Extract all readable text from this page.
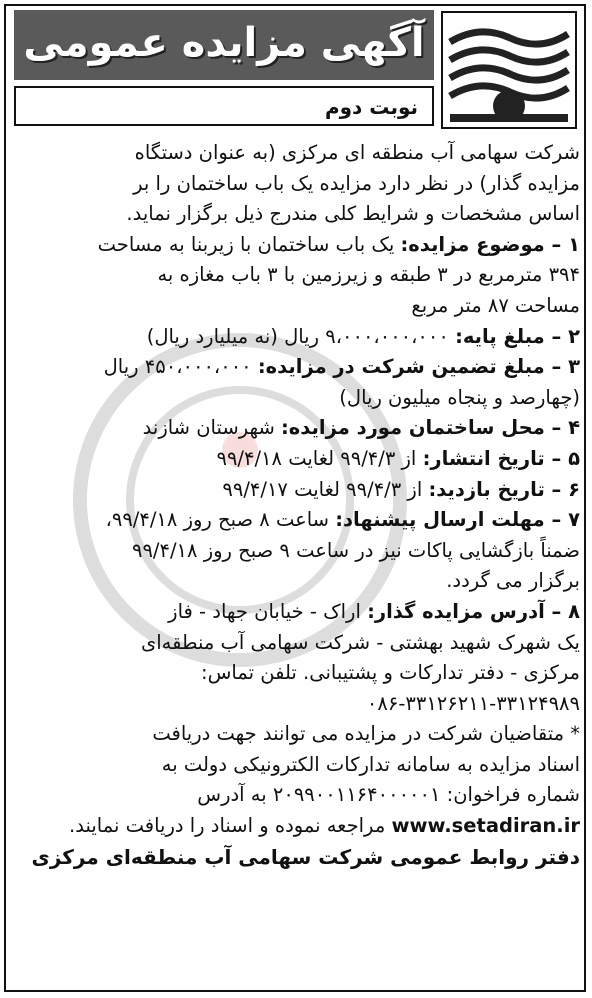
آگهی مزایده عمومی
نوبت دوم
شرکت سهامی آب منطقه ای مرکزی (به عنوان دستگاه
مزایده گذار) در نظر دارد مزایده یک باب ساختمان را بر
اساس مشخصات و شرایط کلی مندرج ذیل برگزار نماید.
۱ – موضوع مزایده: یک باب ساختمان با زیربنا به مساحت
۳۹۴ مترمربع در ۳ طبقه و زیرزمین با ۳ باب مغازه به
مساحت ۸۷ متر مربع
۲ – مبلغ پایه: ۹،۰۰۰،۰۰۰،۰۰۰ ریال (نه میلیارد ریال)
۳ – مبلغ تضمین شرکت در مزایده: ۴۵۰،۰۰۰،۰۰۰ ریال
(چهارصد و پنجاه میلیون ریال)
۴ – محل ساختمان مورد مزایده: شهرستان شازند
۵ – تاریخ انتشار: از ۹۹/۴/۳ لغایت ۹۹/۴/۱۸
۶ – تاریخ بازدید: از ۹۹/۴/۳ لغایت ۹۹/۴/۱۷
۷ – مهلت ارسال پیشنهاد: ساعت ۸ صبح روز ۹۹/۴/۱۸،
ضمناً بازگشایی پاکات نیز در ساعت ۹ صبح روز ۹۹/۴/۱۸
برگزار می گردد.
۸ – آدرس مزایده گذار: اراک - خیابان جهاد - فاز
یک شهرک شهید بهشتی - شرکت سهامی آب منطقه‌ای
مرکزی - دفتر تدارکات و پشتیبانی. تلفن تماس:
۰۸۶-۳۳۱۲۶۲۱۱-۳۳۱۲۴۹۸۹
* متقاضیان شرکت در مزایده می توانند جهت دریافت
اسناد مزایده به سامانه تدارکات الکترونیکی دولت به
شماره فراخوان: ۲۰۹۹۰۰۱۱۶۴۰۰۰۰۰۱ به آدرس
www.setadiran.ir مراجعه نموده و اسناد را دریافت نمایند.
دفتر روابط عمومی شرکت سهامی آب منطقه‌ای مرکزی
